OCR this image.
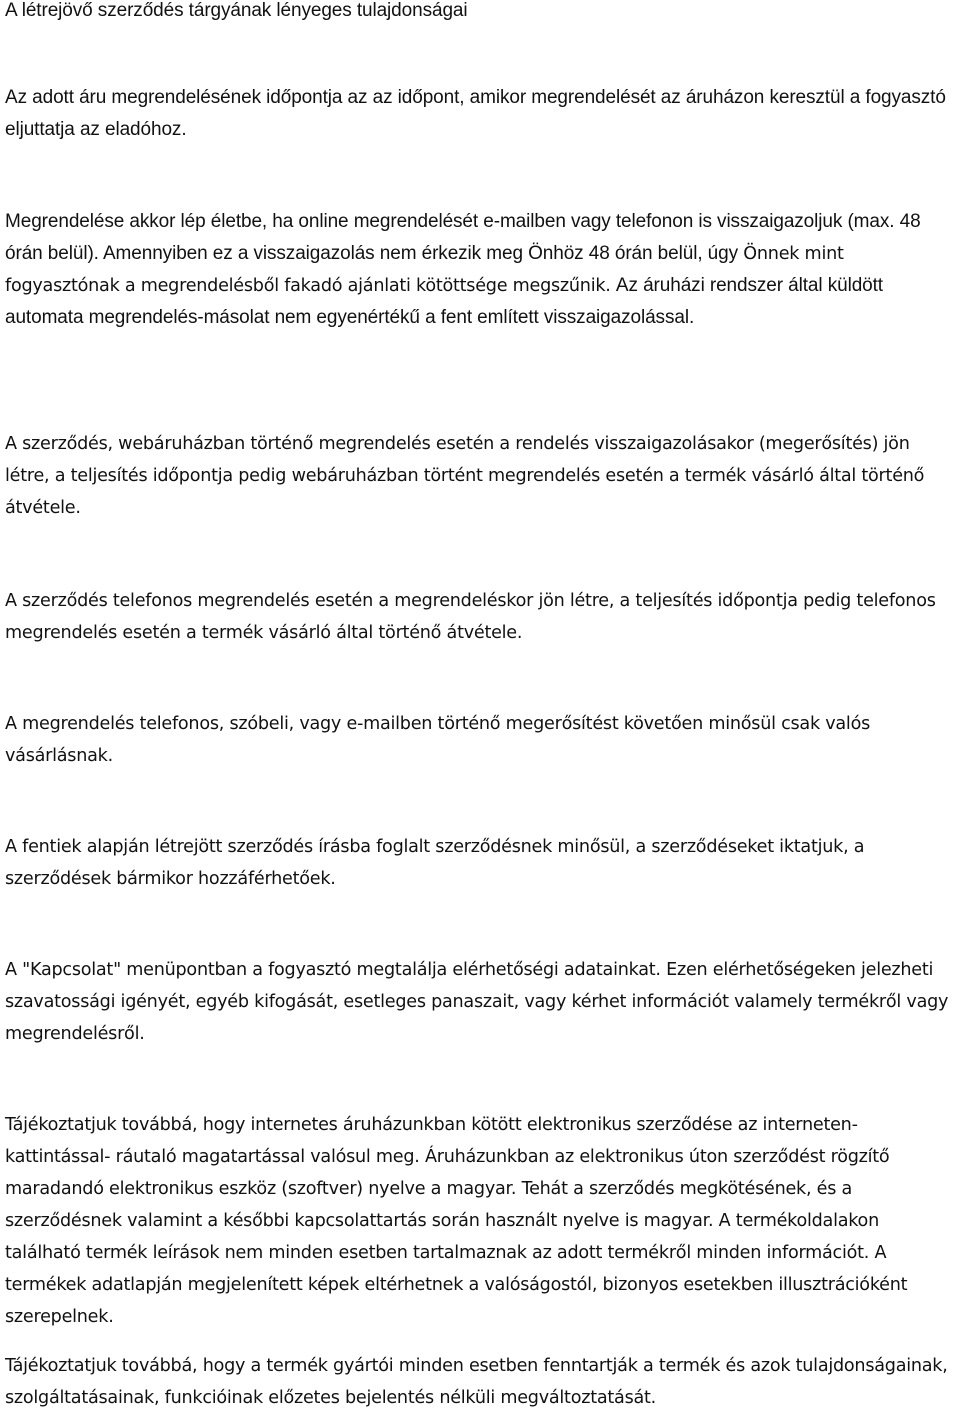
A létrejövő szerződés tárgyának lényeges tulajdonságai

Az adott áru megrendelésének időpontja az az időpont, amikor megrendelését az áruházon keresztül a fogyasztó eljuttatja az eladóhoz.

Megrendelése akkor lép életbe, ha online megrendelését e-mailben vagy telefonon is visszaigazoljuk (max. 48 órán belül). Amennyiben ez a visszaigazolás nem érkezik meg Önhöz 48 órán belül, úgy Önnek mint fogyasztónak a megrendelésből fakadó ajánlati kötöttsége megszűnik. Az áruházi rendszer által küldött automata megrendelés-másolat nem egyenértékű a fent említett visszaigazolással.

A szerződés, webáruházban történő megrendelés esetén a rendelés visszaigazolásakor (megerősítés) jön létre, a teljesítés időpontja pedig webáruházban történt megrendelés esetén a termék vásárló által történő átvétele.

A szerződés telefonos megrendelés esetén a megrendeléskor jön létre, a teljesítés időpontja pedig telefonos megrendelés esetén a termék vásárló által történő átvétele.

A megrendelés telefonos, szóbeli, vagy e-mailben történő megerősítést követően minősül csak valós vásárlásnak.

A fentiek alapján létrejött szerződés írásba foglalt szerződésnek minősül, a szerződéseket iktatjuk, a szerződések bármikor hozzáférhetőek.

A "Kapcsolat" menüpontban a fogyasztó megtalálja elérhetőségi adatainkat. Ezen elérhetőségeken jelezheti szavatossági igényét, egyéb kifogását, esetleges panaszait, vagy kérhet információt valamely termékről vagy megrendelésről.

Tájékoztatjuk továbbá, hogy internetes áruházunkban kötött elektronikus szerződése az interneten-kattintással- ráutaló magatartással valósul meg. Áruházunkban az elektronikus úton szerződést rögzítő maradandó elektronikus eszköz (szoftver) nyelve a magyar. Tehát a szerződés megkötésének, és a szerződésnek valamint a későbbi kapcsolattartás során használt nyelve is magyar. A termékoldalakon található termék leírások nem minden esetben tartalmaznak az adott termékről minden információt. A termékek adatlapján megjelenített képek eltérhetnek a valóságostól, bizonyos esetekben illusztrációként szerepelnek.

Tájékoztatjuk továbbá, hogy a termék gyártói minden esetben fenntartják a termék és azok tulajdonságainak, szolgáltatásainak, funkcióinak előzetes bejelentés nélküli megváltoztatását.
